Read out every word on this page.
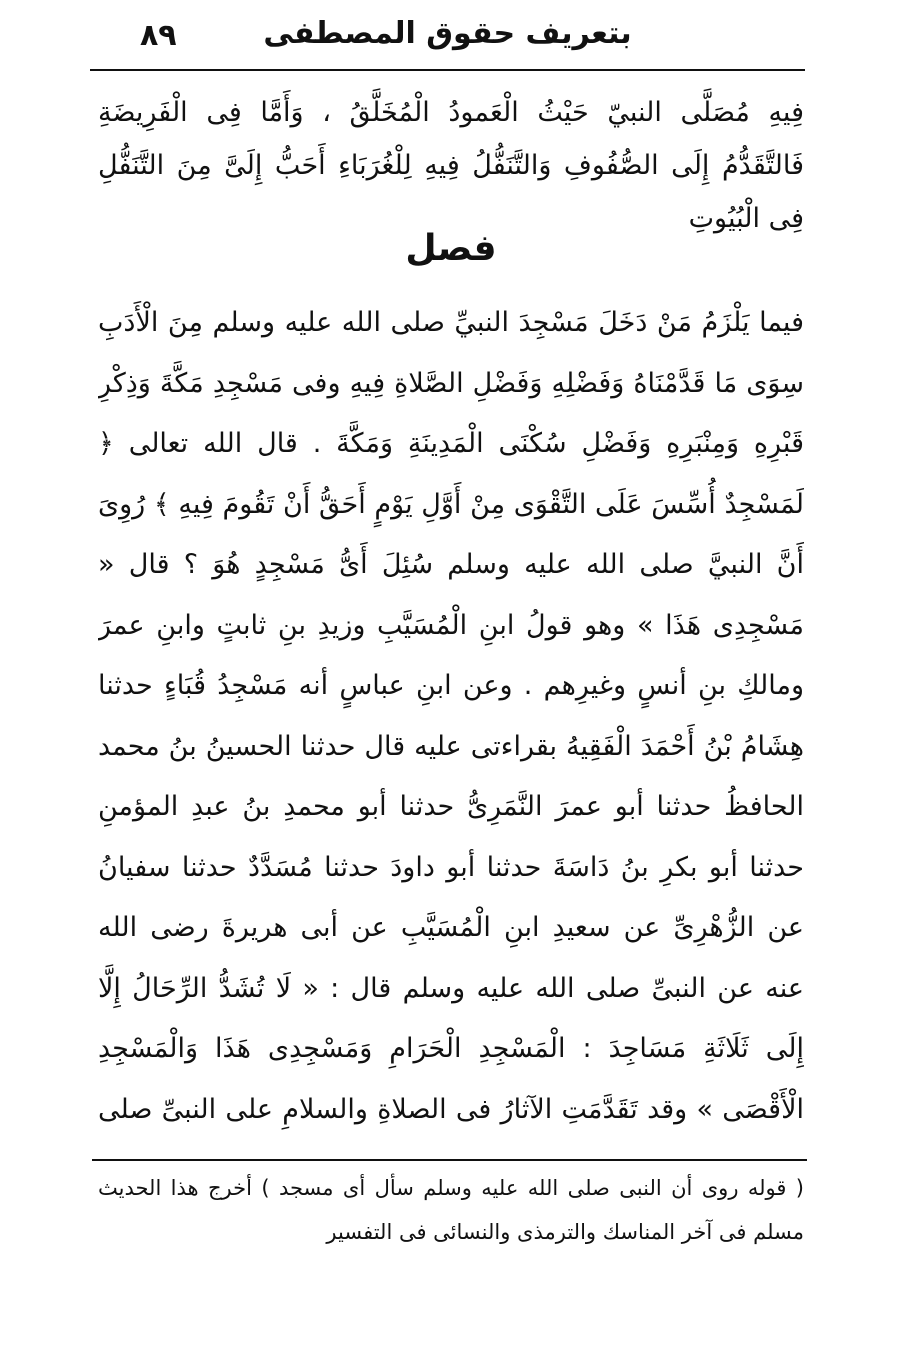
٨٩	بتعريف حقوق المصطفى
فِيهِ مُصَلَّى النبيّ حَيْثُ الْعَمودُ الْمُخَلَّقُ ، وَأَمَّا فِى الْفَرِيضَةِ فَالتَّقَدُّمُ إِلَى الصُّفُوفِ وَالتَّنَفُّلُ فِيهِ لِلْغُرَبَاءِ أَحَبُّ إِلَىَّ مِنَ التَّنَفُّلِ فِى الْبُيُوتِ
فصل
فيما يَلْزَمُ مَنْ دَخَلَ مَسْجِدَ النبيِّ صلى الله عليه وسلم مِنَ الْأَدَبِ سِوَى مَا قَدَّمْنَاهُ وَفَضْلِهِ وَفَضْلِ الصَّلاةِ فِيهِ وفى مَسْجِدِ مَكَّةَ وَذِكْرِ قَبْرِهِ وَمِنْبَرِهِ وَفَضْلِ سُكْنَى الْمَدِينَةِ وَمَكَّةَ . قال الله تعالى ﴿ لَمَسْجِدٌ أُسِّسَ عَلَى التَّقْوَى مِنْ أَوَّلِ يَوْمٍ أَحَقُّ أَنْ تَقُومَ فِيهِ ﴾ رُوِىَ أَنَّ النبيَّ صلى الله عليه وسلم سُئِلَ أَىُّ مَسْجِدٍ هُوَ ؟ قال « مَسْجِدِى هَذَا » وهو قولُ ابنِ الْمُسَيَّبِ وزيدِ بنِ ثابتٍ وابنِ عمرَ ومالكِ بنِ أنسٍ وغيرِهم . وعن ابنِ عباسٍ أنه مَسْجِدُ قُبَاءٍ حدثنا هِشَامُ بْنُ أَحْمَدَ الْفَقِيهُ بقراءتى عليه قال حدثنا الحسينُ بنُ محمد الحافظُ حدثنا أبو عمرَ النَّمَرِىُّ حدثنا أبو محمدِ بنُ عبدِ المؤمنِ حدثنا أبو بكرِ بنُ دَاسَةَ حدثنا أبو داودَ حدثنا مُسَدَّدٌ حدثنا سفيانُ عن الزُّهْرِىِّ عن سعيدِ ابنِ الْمُسَيَّبِ عن أبى هريرةَ رضى الله عنه عن النبىِّ صلى الله عليه وسلم قال : « لَا تُشَدُّ الرِّحَالُ إِلَّا إِلَى ثَلَاثَةِ مَسَاجِدَ : الْمَسْجِدِ الْحَرَامِ وَمَسْجِدِى هَذَا وَالْمَسْجِدِ الْأَقْصَى » وقد تَقَدَّمَتِ الآثارُ فى الصلاةِ والسلامِ على النبىِّ صلى
( قوله روى أن النبى صلى الله عليه وسلم سأل أى مسجد ) أخرج هذا الحديث مسلم فى آخر المناسك والترمذى والنسائى فى التفسير
